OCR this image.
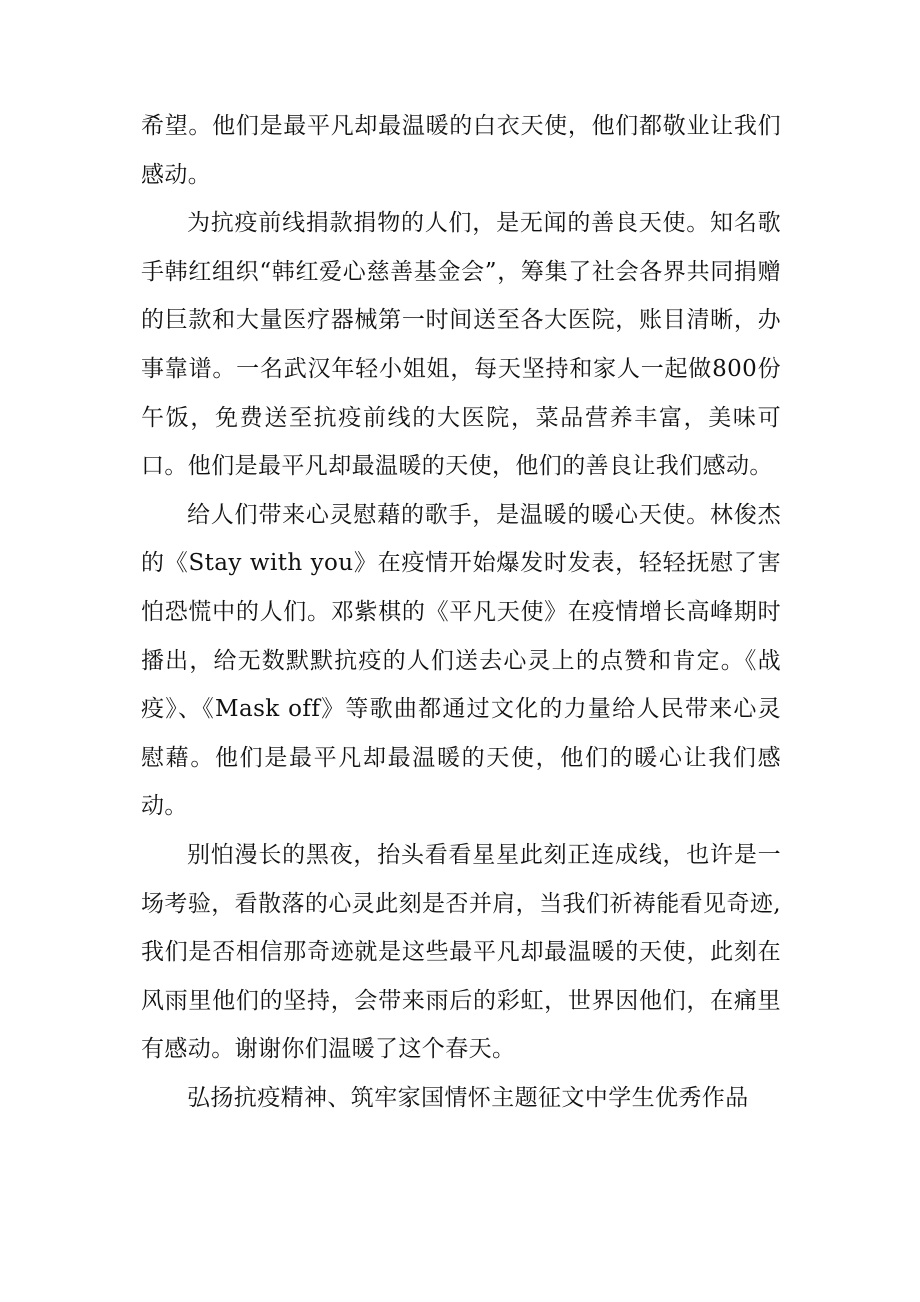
希望。他们是最平凡却最温暖的白衣天使，他们都敬业让我们感动。

为抗疫前线捐款捐物的人们，是无闻的善良天使。知名歌手韩红组织“韩红爱心慈善基金会”，筹集了社会各界共同捐赠的巨款和大量医疗器械第一时间送至各大医院，账目清晰，办事靠谱。一名武汉年轻小姐姐，每天坚持和家人一起做800份午饭，免费送至抗疫前线的大医院，菜品营养丰富，美味可口。他们是最平凡却最温暖的天使，他们的善良让我们感动。

给人们带来心灵慰藉的歌手，是温暖的暖心天使。林俊杰的《Stay with you》在疫情开始爆发时发表，轻轻抚慰了害怕恐慌中的人们。邓紫棋的《平凡天使》在疫情增长高峰期时播出，给无数默默抗疫的人们送去心灵上的点赞和肯定。《战疫》、《Mask off》等歌曲都通过文化的力量给人民带来心灵慰藉。他们是最平凡却最温暖的天使，他们的暖心让我们感动。

别怕漫长的黑夜，抬头看看星星此刻正连成线，也许是一场考验，看散落的心灵此刻是否并肩，当我们祈祷能看见奇迹,我们是否相信那奇迹就是这些最平凡却最温暖的天使，此刻在风雨里他们的坚持，会带来雨后的彩虹，世界因他们，在痛里有感动。谢谢你们温暖了这个春天。

弘扬抗疫精神、筑牢家国情怀主题征文中学生优秀作品
